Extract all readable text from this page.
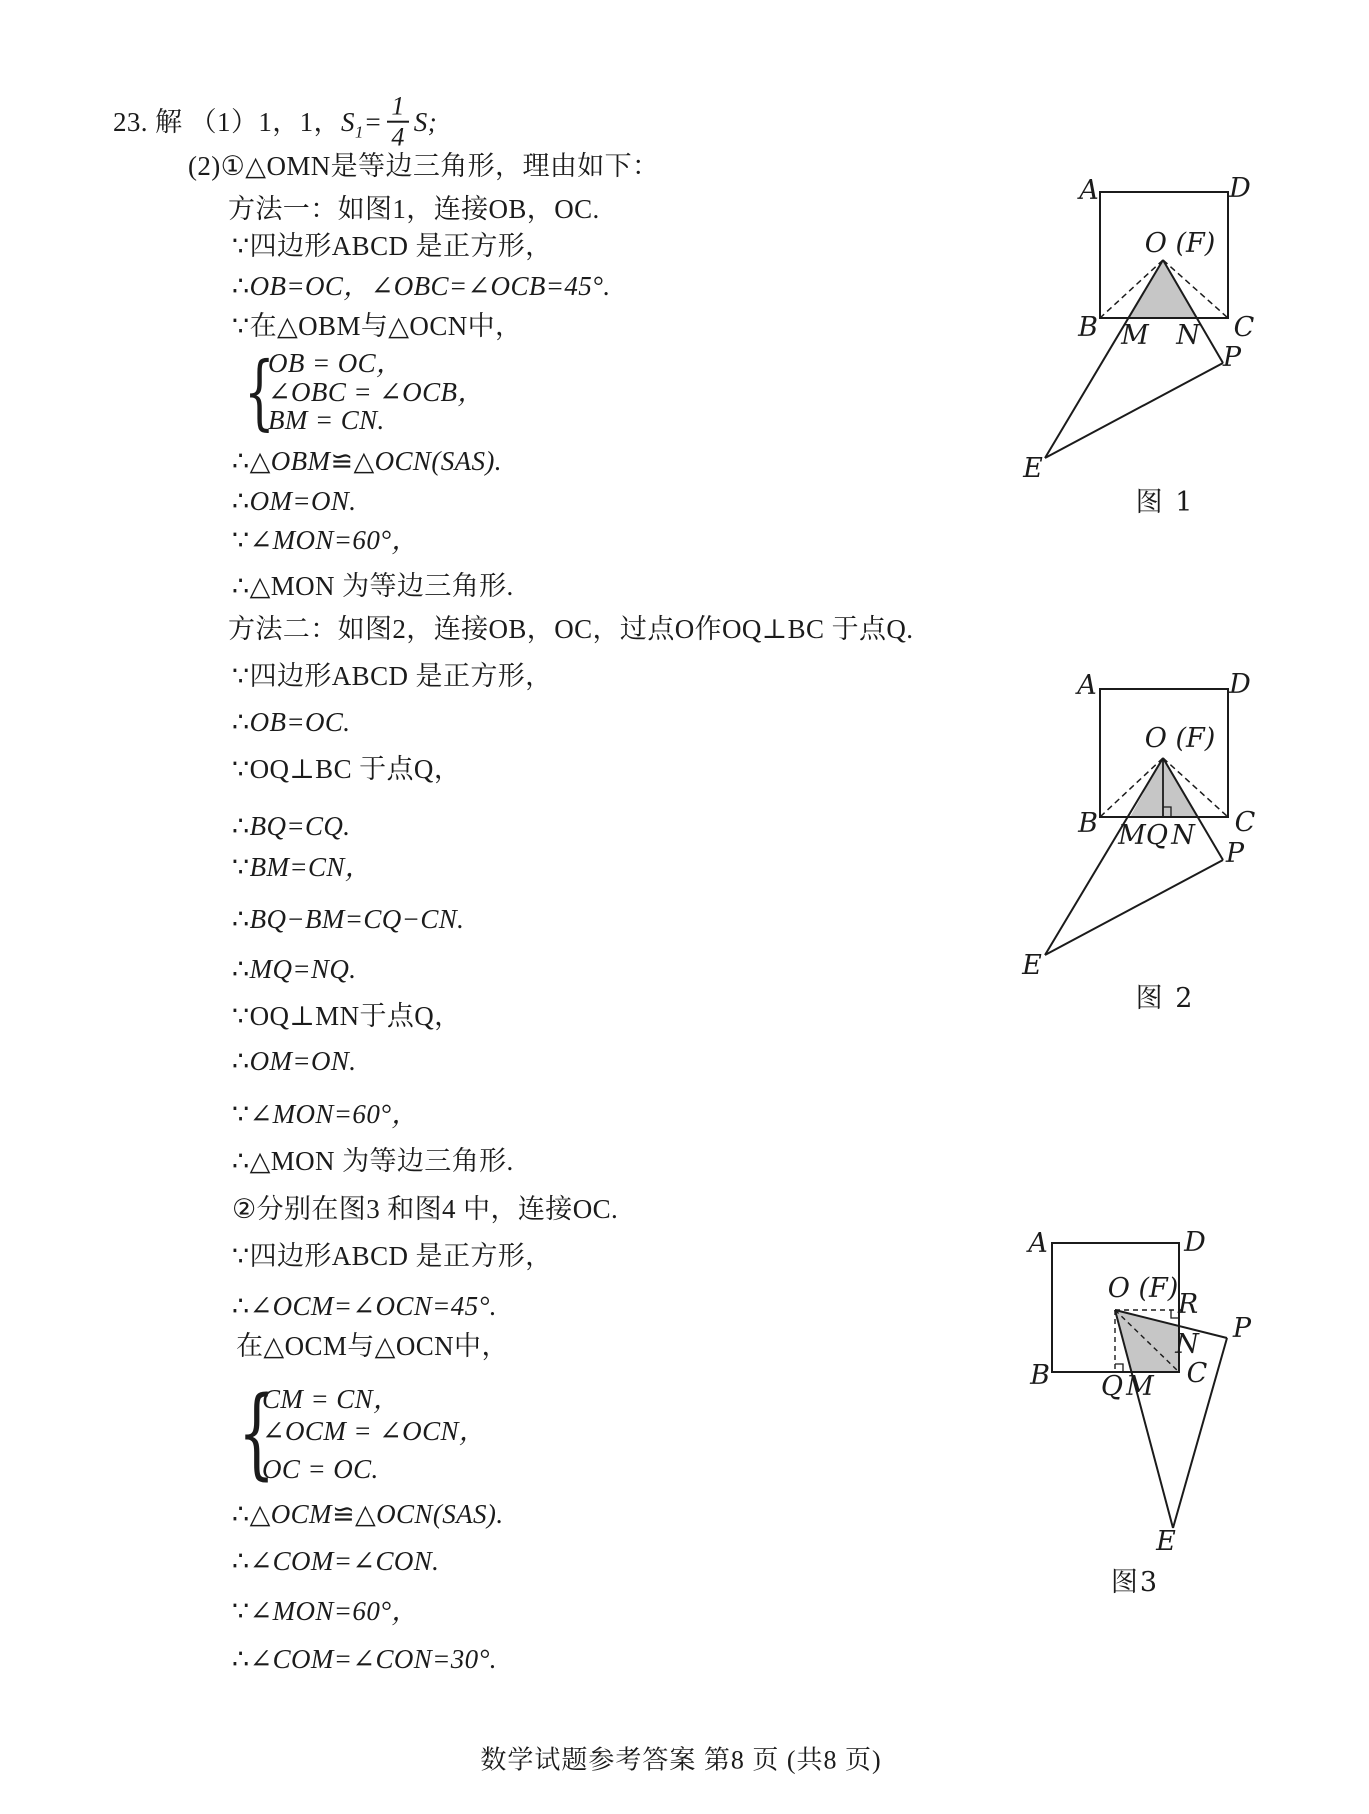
23. 解 （1）1，1，$S_1= \frac{1}{4} S$;
(2)①△OMN是等边三角形，理由如下：
方法一：如图1，连接OB，OC.
∵四边形ABCD 是正方形，
∴OB=OC，∠OBC=∠OCB=45°.
∵在△OBM与△OCN中，
{
OB = OC，
∠OBC = ∠OCB，
BM = CN.
∴△OBM≌△OCN(SAS).
∴OM=ON.
∵∠MON=60°，
∴△MON 为等边三角形.
方法二：如图2，连接OB，OC，过点O作OQ⊥BC 于点Q.
∵四边形ABCD 是正方形，
∴OB=OC.
∵OQ⊥BC 于点Q，
∴BQ=CQ.
∵BM=CN，
∴BQ−BM=CQ−CN.
∴MQ=NQ.
∵OQ⊥MN于点Q，
∴OM=ON.
∵∠MON=60°，
∴△MON 为等边三角形.
②分别在图3 和图4 中，连接OC.
∵四边形ABCD 是正方形，
∴∠OCM=∠OCN=45°.
在△OCM与△OCN中，
{
CM = CN，
∠OCM = ∠OCN，
OC = OC.
∴△OCM≌△OCN(SAS).
∴∠COM=∠CON.
∵∠MON=60°，
∴∠COM=∠CON=30°.
A	D
O (F)
B	C
M N
P
E
图 1
A	D
O (F)
B	C
M Q N
P
E
图 2
A	D
O (F)
R
B	C
N
P
Q M
E
图3
数学试题参考答案 第8 页 (共8 页)
